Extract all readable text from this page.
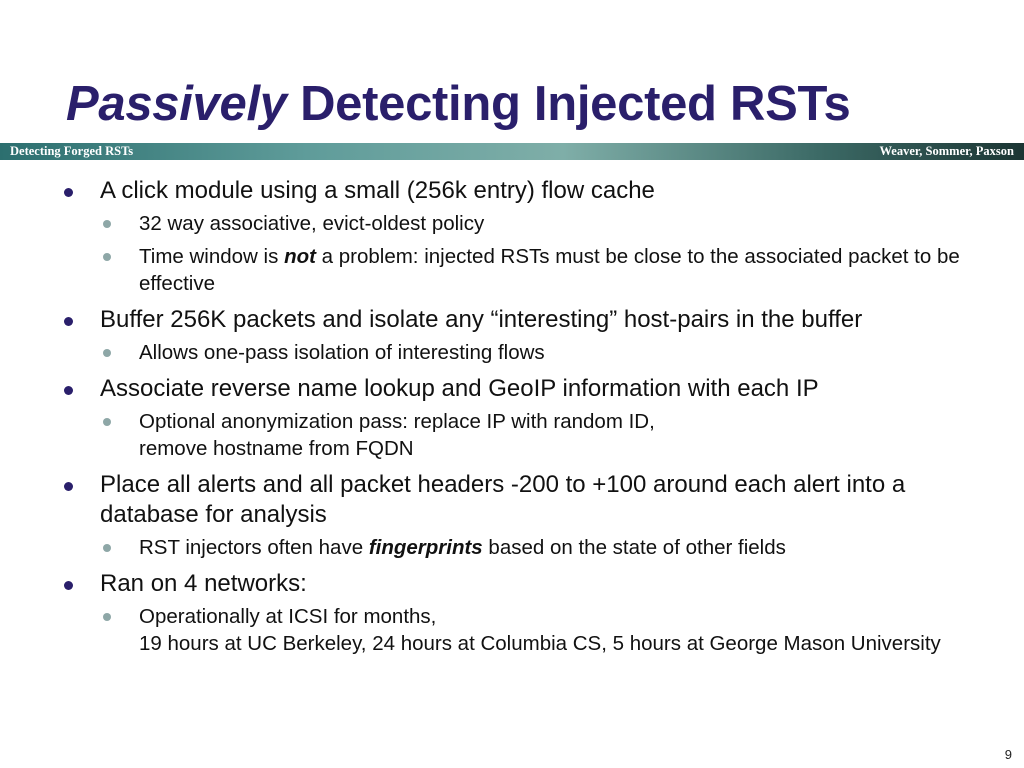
Passively Detecting Injected RSTs
Detecting Forged RSTs	Weaver, Sommer, Paxson
A click module using a small (256k entry) flow cache
32 way associative, evict-oldest policy
Time window is not a problem: injected RSTs must be close to the associated packet to be effective
Buffer 256K packets and isolate any “interesting” host-pairs in the buffer
Allows one-pass isolation of interesting flows
Associate reverse name lookup and GeoIP information with each IP
Optional anonymization pass: replace IP with random ID,
remove hostname from FQDN
Place all alerts and all packet headers -200 to +100 around each alert into a database for analysis
RST injectors often have fingerprints based on the state of other fields
Ran on 4 networks:
Operationally at ICSI for months,
19 hours at UC Berkeley, 24 hours at Columbia CS, 5 hours at George Mason University
9
